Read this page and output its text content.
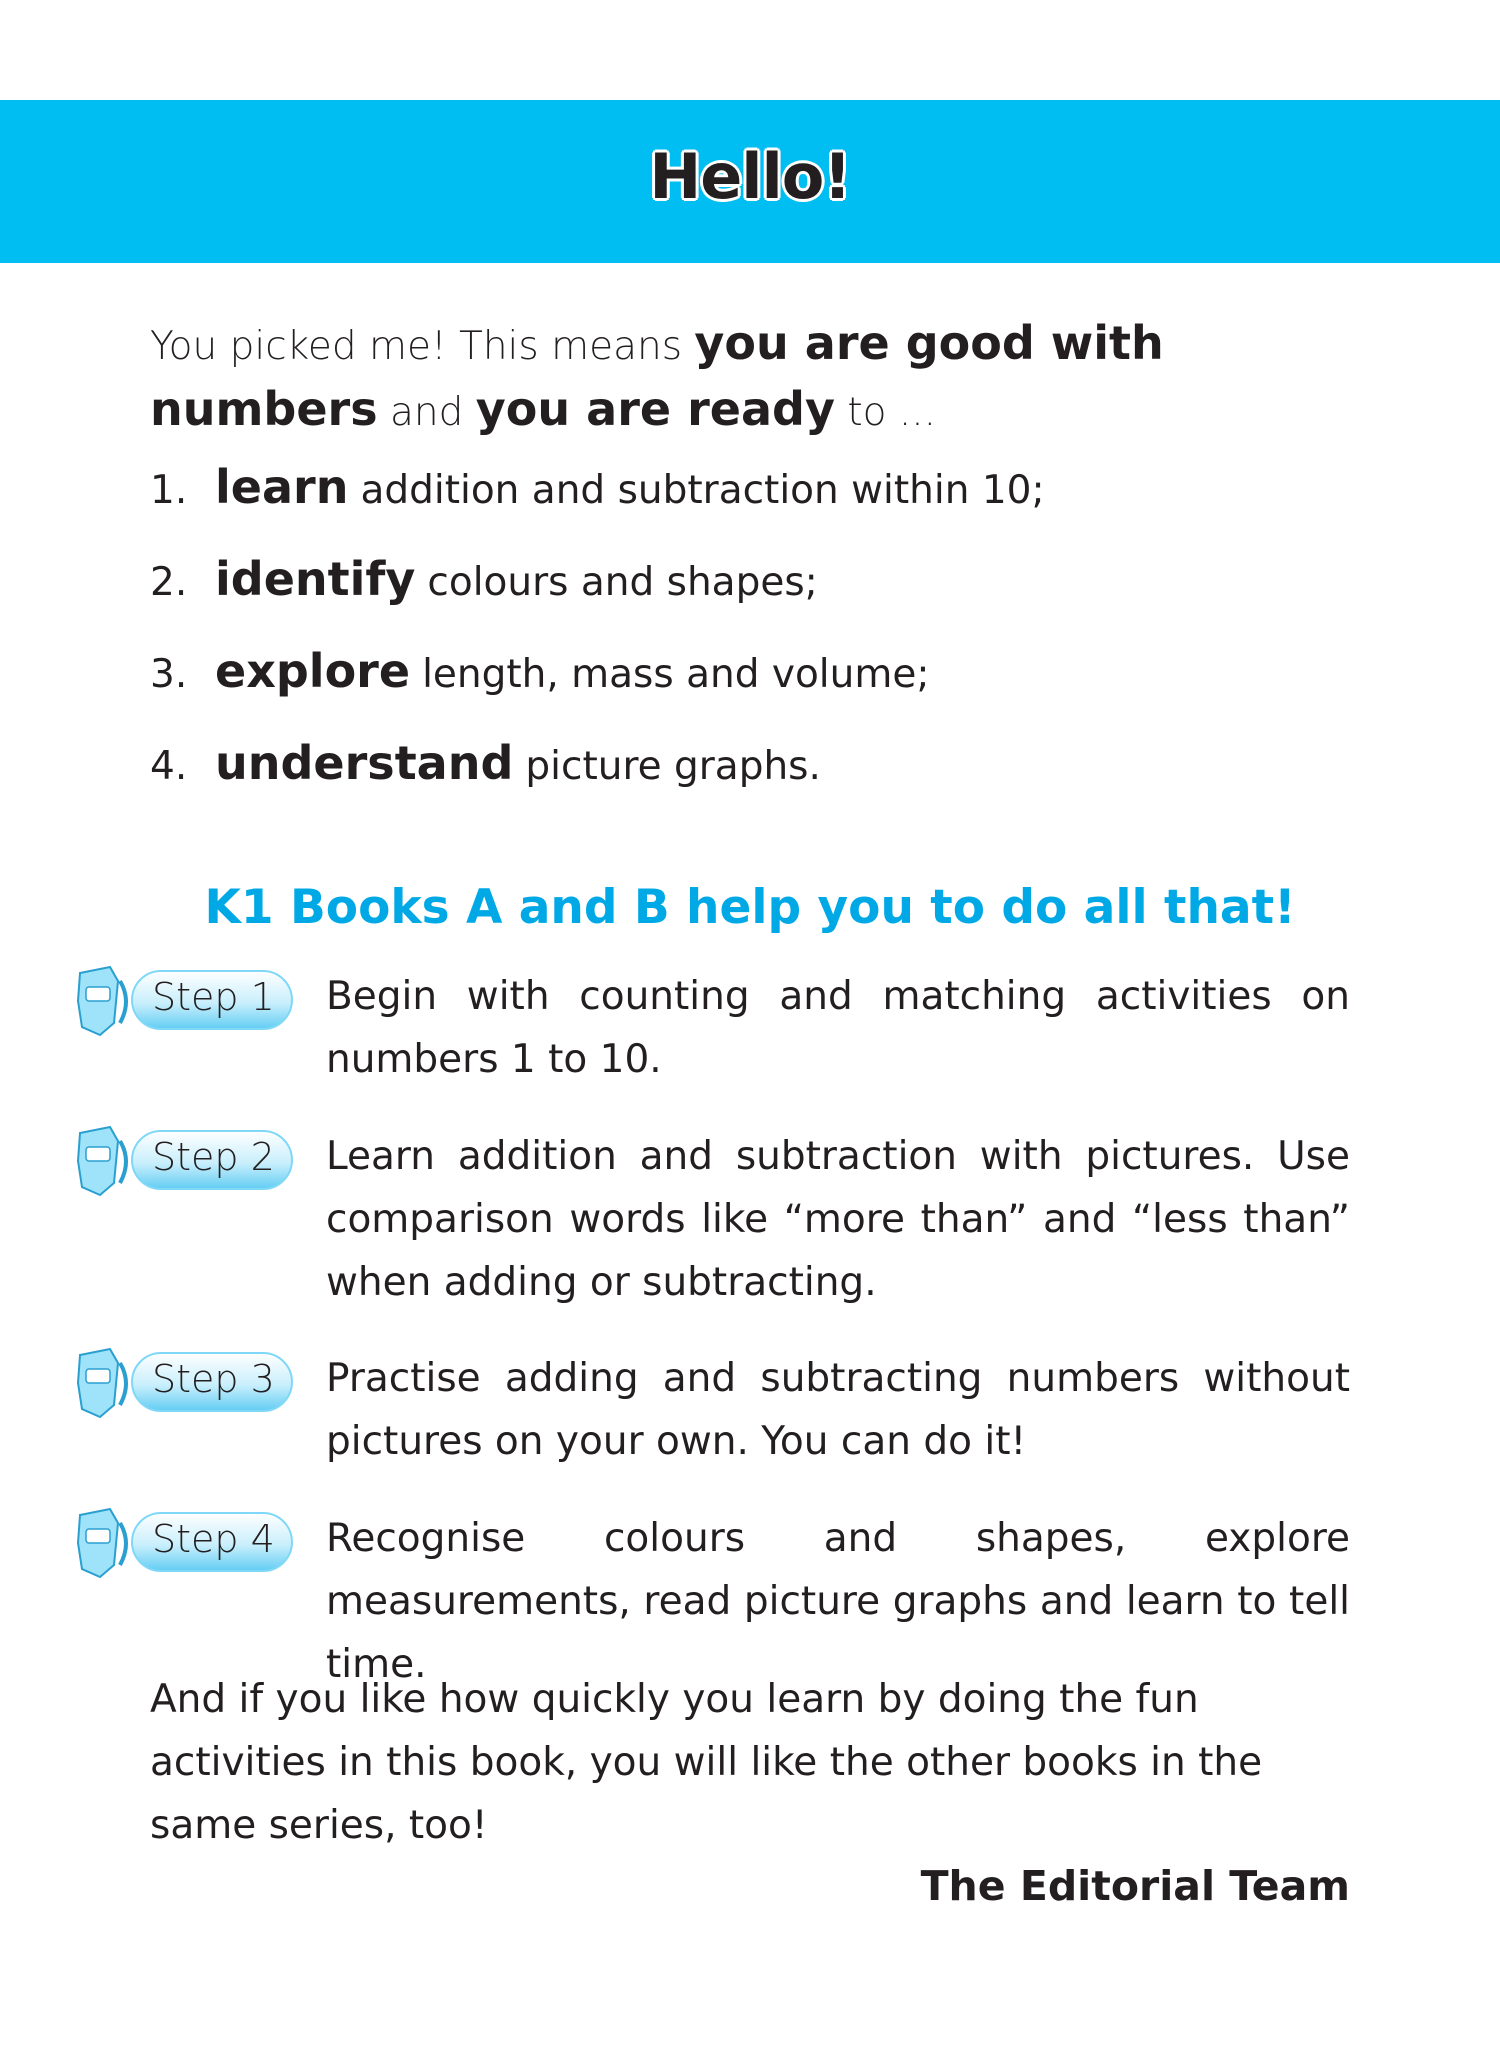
Hello!
You picked me! This means you are good with numbers and you are ready to ...
1. learn addition and subtraction within 10;
2. identify colours and shapes;
3. explore length, mass and volume;
4. understand picture graphs.
K1 Books A and B help you to do all that!
Step 1 Begin with counting and matching activities on numbers 1 to 10.
Step 2 Learn addition and subtraction with pictures. Use comparison words like “more than” and “less than” when adding or subtracting.
Step 3 Practise adding and subtracting numbers without pictures on your own. You can do it!
Step 4 Recognise colours and shapes, explore measurements, read picture graphs and learn to tell time.
And if you like how quickly you learn by doing the fun activities in this book, you will like the other books in the same series, too!
The Editorial Team
